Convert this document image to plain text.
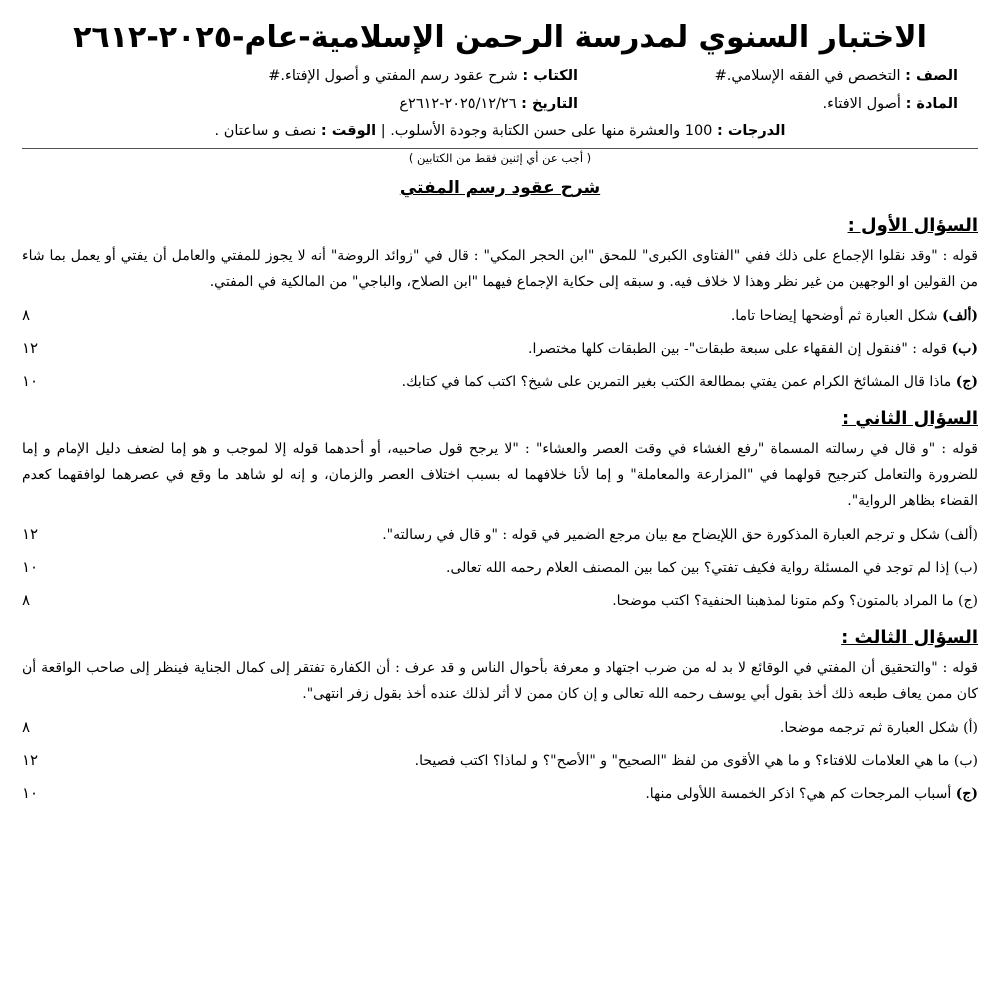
الاختبار السنوي لمدرسة الرحمن الإسلامية-عام-٢٠٢٥-٢٦١٢
الصف : التخصص في الفقه الإسلامي.#
الكتاب : شرح عقود رسم المفتي و أصول الإفتاء.#
المادة : أصول الافتاء.
التاريخ : ٢٠٢٥/١٢/٢٦-٢٦١٢ع
الدرجات : 100 والعشرة منها على حسن الكتابة وجودة الأسلوب. | الوقت : نصف و ساعتان .
( أجب عن أي إثنين فقط من الكتابين )
شرح عقود رسم المفتي
السؤال الأول :
قوله : "وقد نقلوا الإجماع على ذلك ففي "الفتاوى الكبرى" للمحق "ابن الحجر المكي" : قال في "زوائد الروضة" أنه لا يجوز للمفتي والعامل أن يفتي أو يعمل بما شاء من القولين او الوجهين من غير نظر وهذا لا خلاف فيه. و سبقه إلى حكاية الإجماع فيهما "ابن الصلاح، والباجي" من المالكية في المفتي.
(ألف) شكل العبارة ثم أوضحها إيضاحا تاما.
٨
(ب) قوله : "فنقول إن الفقهاء على سبعة طبقات"- بين الطبقات كلها مختصرا.
١٢
(ج) ماذا قال المشائخ الكرام عمن يفتي بمطالعة الكتب بغير التمرين على شيخ؟ اكتب كما في كتابك.
١٠
السؤال الثاني :
قوله : "و قال في رسالته المسماة "رفع الغشاء في وقت العصر والعشاء" : "لا يرجح قول صاحبيه، أو أحدهما قوله إلا لموجب و هو إما لضعف دليل الإمام و إما للضرورة والتعامل كترجيح قولهما في "المزارعة والمعاملة" و إما لأنا خلافهما له بسبب اختلاف العصر والزمان، و إنه لو شاهد ما وقع في عصرهما لوافقهما كعدم القضاء بظاهر الرواية".
(ألف) شكل و ترجم العبارة المذكورة حق اللإيضاح مع بيان مرجع الضمير في قوله : "و قال في رسالته".
١٢
(ب) إذا لم توجد في المسئلة رواية فكيف تفتي؟ بين كما بين المصنف العلام رحمه الله تعالى.
١٠
(ج) ما المراد بالمتون؟ وكم متونا لمذهبنا الحنفية؟ اكتب موضحا.
٨
السؤال الثالث :
قوله : "والتحقيق أن المفتي في الوقائع لا بد له من ضرب اجتهاد و معرفة بأحوال الناس و قد عرف : أن الكفارة تفتقر إلى كمال الجناية فينظر إلى صاحب الواقعة أن كان ممن يعاف طبعه ذلك أخذ بقول أبي يوسف رحمه الله تعالى و إن كان ممن لا أثر لذلك عنده أخذ بقول زفر انتهى".
(أ) شكل العبارة ثم ترجمه موضحا.
٨
(ب) ما هي العلامات للافتاء؟ و ما هي الأقوى من لفظ "الصحيح" و "الأصح"؟ و لماذا؟ اكتب فصيحا.
١٢
(ج) أسباب المرجحات كم هي؟ اذكر الخمسة اللأولى منها.
١٠
